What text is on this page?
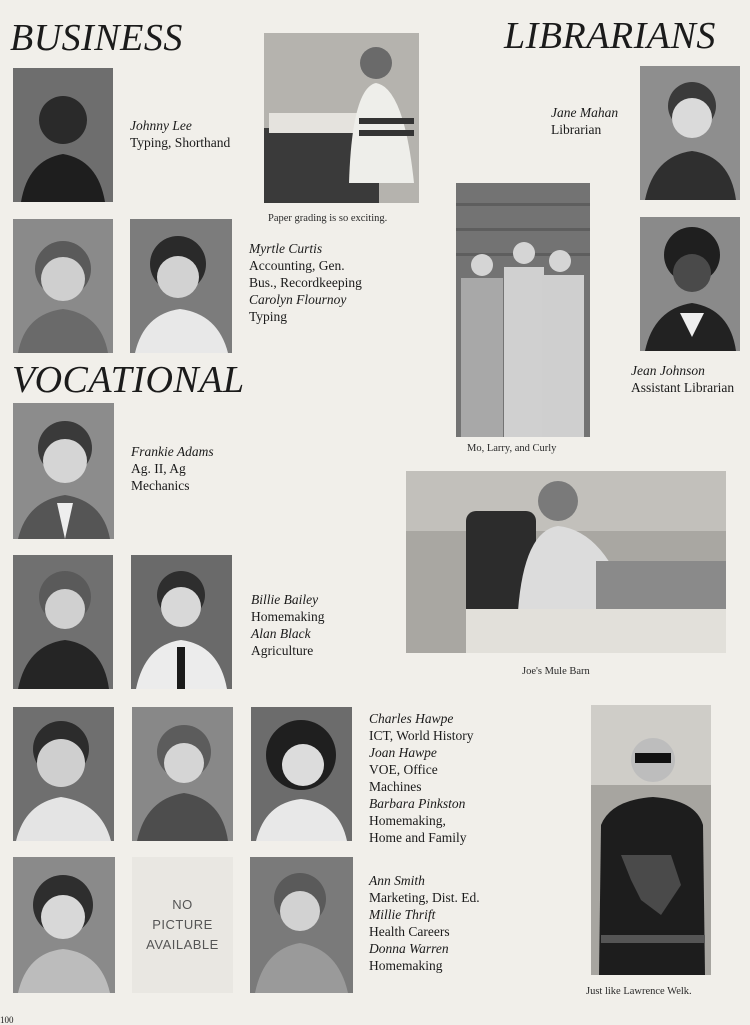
BUSINESS	LIBRARIANS
VOCATIONAL
Johnny Lee
Typing, Shorthand
Paper grading is so exciting.
Myrtle Curtis
Accounting, Gen.
Bus., Recordkeeping
Carolyn Flournoy
Typing
Jane Mahan
Librarian
Mo, Larry, and Curly
Jean Johnson
Assistant Librarian
Frankie Adams
Ag. II, Ag
Mechanics
Joe's Mule Barn
Billie Bailey
Homemaking
Alan Black
Agriculture
Charles Hawpe
ICT, World History
Joan Hawpe
VOE, Office
Machines
Barbara Pinkston
Homemaking,
Home and Family
Just like Lawrence Welk.
NO
PICTURE
AVAILABLE
Ann Smith
Marketing, Dist. Ed.
Millie Thrift
Health Careers
Donna Warren
Homemaking
100
